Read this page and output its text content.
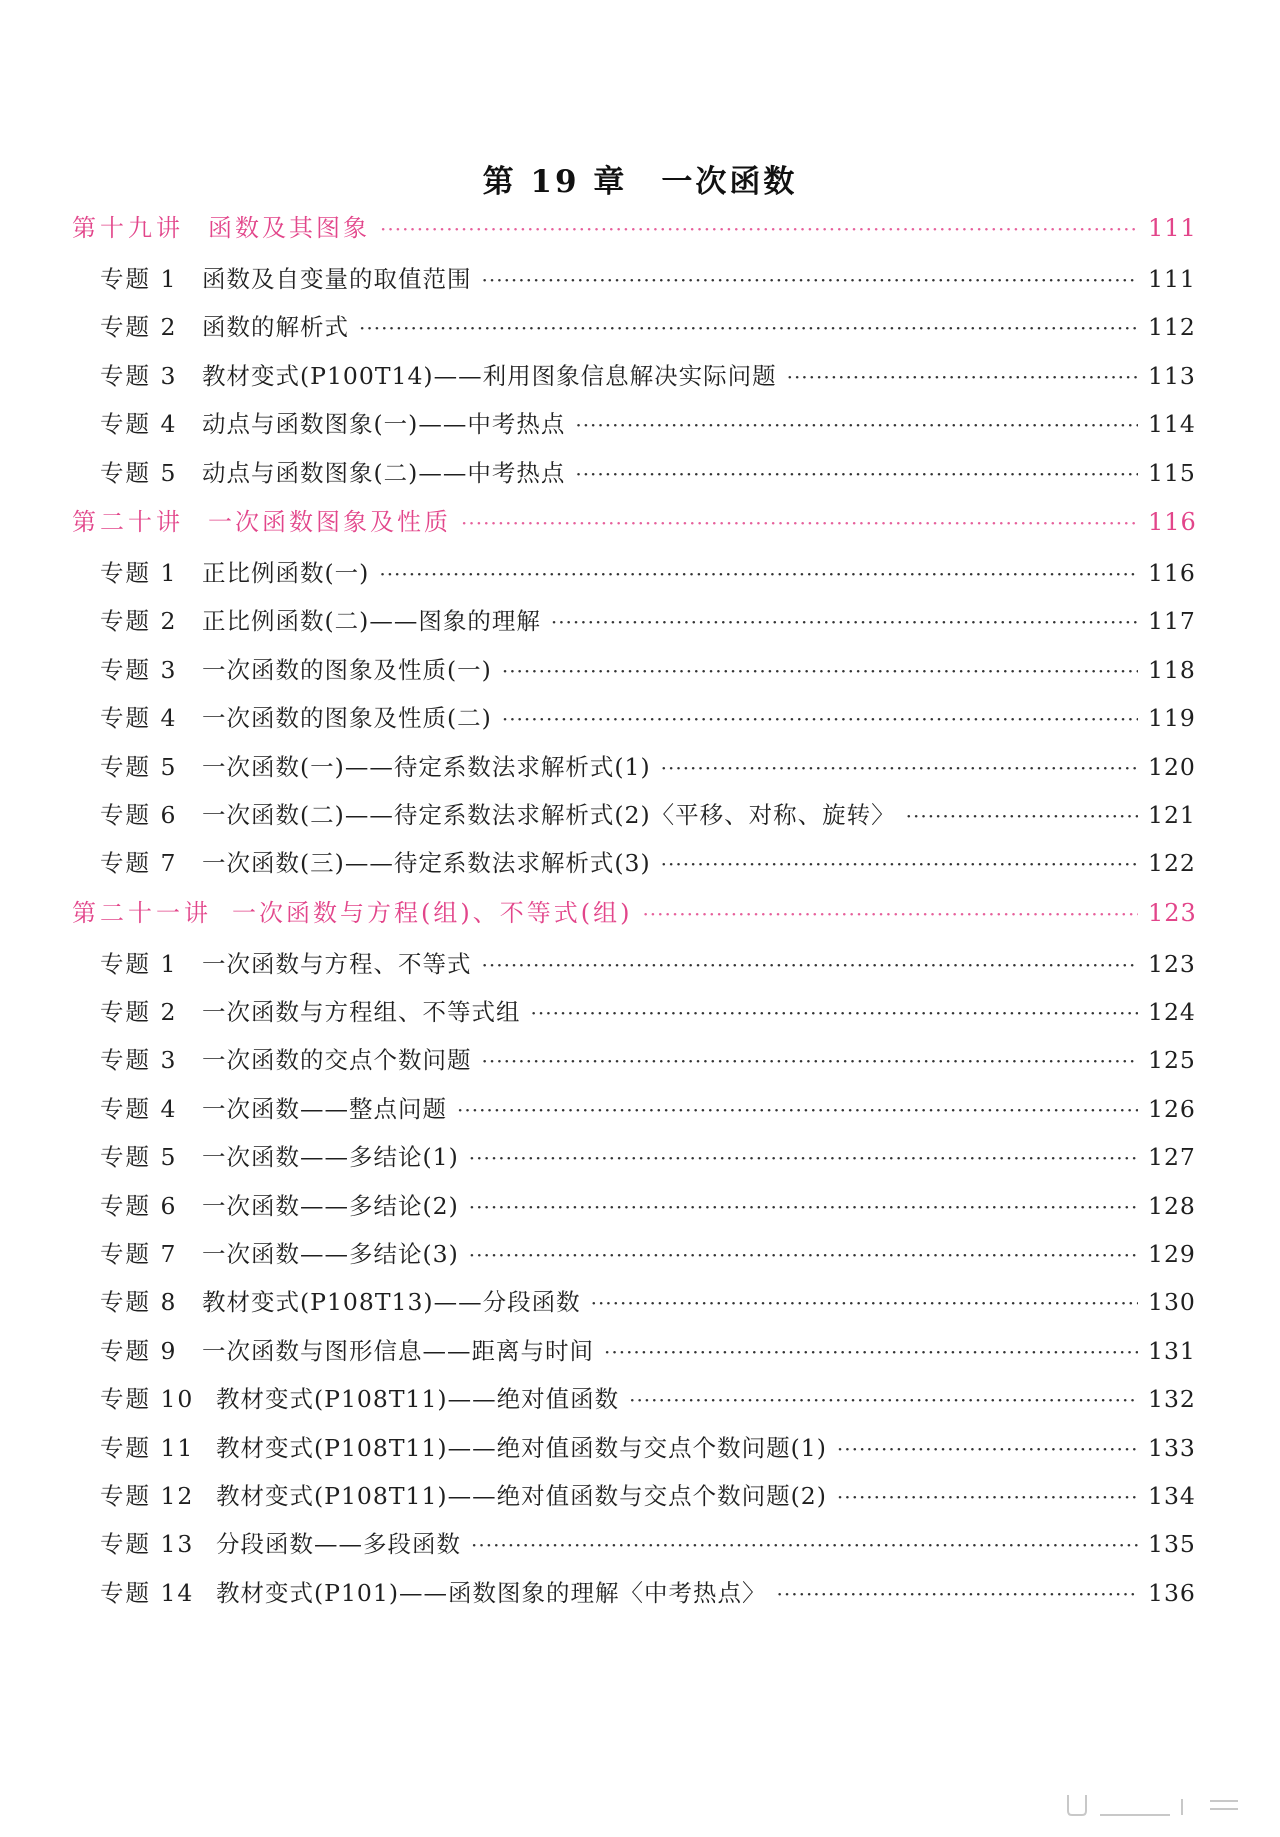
第 19 章　一次函数
第十九讲	函数及其图象 ·····	111
专题 1	函数及自变量的取值范围 ·····	111
专题 2	函数的解析式 ·····	112
专题 3	教材变式(P100T14)——利用图象信息解决实际问题 ·····	113
专题 4	动点与函数图象(一)——中考热点 ·····	114
专题 5	动点与函数图象(二)——中考热点 ·····	115
第二十讲	一次函数图象及性质 ·····	116
专题 1	正比例函数(一) ·····	116
专题 2	正比例函数(二)——图象的理解 ·····	117
专题 3	一次函数的图象及性质(一) ·····	118
专题 4	一次函数的图象及性质(二) ·····	119
专题 5	一次函数(一)——待定系数法求解析式(1) ·····	120
专题 6	一次函数(二)——待定系数法求解析式(2)〈平移、对称、旋转〉 ·····	121
专题 7	一次函数(三)——待定系数法求解析式(3) ·····	122
第二十一讲 一次函数与方程(组)、不等式(组) ·····	123
专题 1	一次函数与方程、不等式 ·····	123
专题 2	一次函数与方程组、不等式组 ·····	124
专题 3	一次函数的交点个数问题 ·····	125
专题 4	一次函数——整点问题 ·····	126
专题 5	一次函数——多结论(1) ·····	127
专题 6	一次函数——多结论(2) ·····	128
专题 7	一次函数——多结论(3) ·····	129
专题 8	教材变式(P108T13)——分段函数 ·····	130
专题 9	一次函数与图形信息——距离与时间 ·····	131
专题 10 教材变式(P108T11)——绝对值函数 ·····	132
专题 11 教材变式(P108T11)——绝对值函数与交点个数问题(1) ·····	133
专题 12 教材变式(P108T11)——绝对值函数与交点个数问题(2) ·····	134
专题 13 分段函数——多段函数 ·····	135
专题 14 教材变式(P101)——函数图象的理解〈中考热点〉 ·····	136
